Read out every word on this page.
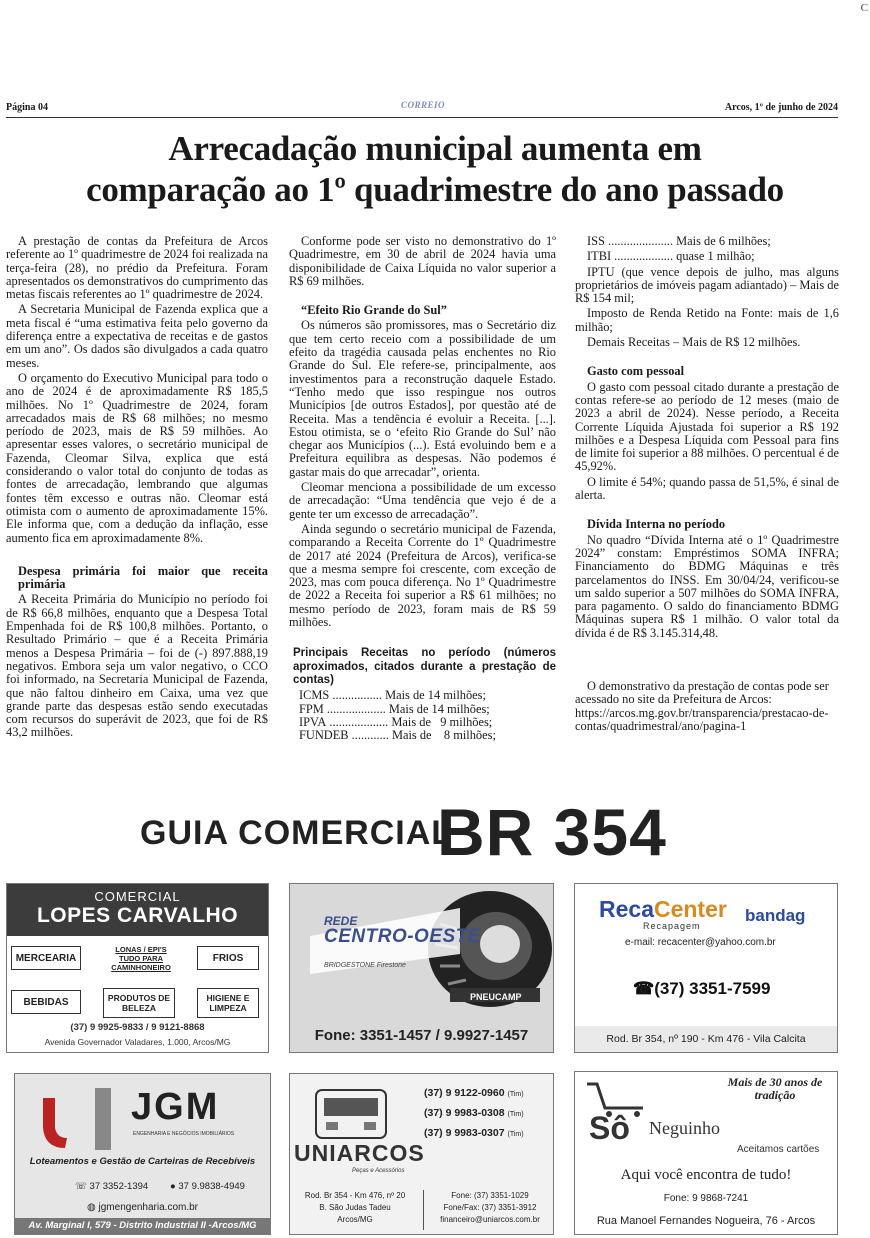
C
Página 04	CORREIO	Arcos, 1º de junho de 2024
Arrecadação municipal aumenta em
comparação ao 1º quadrimestre do ano passado

A prestação de contas da Prefeitura de Arcos referente ao 1º quadrimestre de 2024 foi realizada na terça-feira (28), no prédio da Prefeitura. Foram apresentados os demonstrativos do cumprimento das metas fiscais referentes ao 1º quadrimestre de 2024.

A Secretaria Municipal de Fazenda explica que a meta fiscal é “uma estimativa feita pelo governo da diferença entre a expectativa de receitas e de gastos em um ano”. Os dados são divulgados a cada quatro meses.

O orçamento do Executivo Municipal para todo o ano de 2024 é de aproximadamente R$ 185,5 milhões. No 1º Quadrimestre de 2024, foram arrecadados mais de R$ 68 milhões; no mesmo período de 2023, mais de R$ 59 milhões. Ao apresentar esses valores, o secretário municipal de Fazenda, Cleomar Silva, explica que está considerando o valor total do conjunto de todas as fontes de arrecadação, lembrando que algumas fontes têm excesso e outras não. Cleomar está otimista com o aumento de aproximadamente 15%. Ele informa que, com a dedução da inflação, esse aumento fica em aproximadamente 8%.

Despesa primária foi maior que receita primária

A Receita Primária do Município no período foi de R$ 66,8 milhões, enquanto que a Despesa Total Empenhada foi de R$ 100,8 milhões. Portanto, o Resultado Primário – que é a Receita Primária menos a Despesa Primária – foi de (-) 897.888,19 negativos. Embora seja um valor negativo, o CCO foi informado, na Secretaria Municipal de Fazenda, que não faltou dinheiro em Caixa, uma vez que grande parte das despesas estão sendo executadas com recursos do superávit de 2023, que foi de R$ 43,2 milhões.

Conforme pode ser visto no demonstrativo do 1º Quadrimestre, em 30 de abril de 2024 havia uma disponibilidade de Caixa Líquida no valor superior a R$ 69 milhões.

“Efeito Rio Grande do Sul”

Os números são promissores, mas o Secretário diz que tem certo receio com a possibilidade de um efeito da tragédia causada pelas enchentes no Rio Grande do Sul. Ele refere-se, principalmente, aos investimentos para a reconstrução daquele Estado. “Tenho medo que isso respingue nos outros Municípios [de outros Estados], por questão até de Receita. Mas a tendência é evoluir a Receita. [...]. Estou otimista, se o ‘efeito Rio Grande do Sul’ não chegar aos Municípios (...). Está evoluindo bem e a Prefeitura equilibra as despesas. Não podemos é gastar mais do que arrecadar”, orienta.

Cleomar menciona a possibilidade de um excesso de arrecadação: “Uma tendência que vejo é de a gente ter um excesso de arrecadação”.

Ainda segundo o secretário municipal de Fazenda, comparando a Receita Corrente do 1º Quadrimestre de 2017 até 2024 (Prefeitura de Arcos), verifica-se que a mesma sempre foi crescente, com exceção de 2023, mas com pouca diferença. No 1º Quadrimestre de 2022 a Receita foi superior a R$ 61 milhões; no mesmo período de 2023, foram mais de R$ 59 milhões.

Principais Receitas no período (números aproximados, citados durante a prestação de contas)
ICMS ................ Mais de 14 milhões;
FPM ................... Mais de 14 milhões;
IPVA ................... Mais de   9 milhões;
FUNDEB ............ Mais de    8 milhões;

ISS ..................... Mais de 6 milhões;

ITBI ................... quase 1 milhão;

IPTU (que vence depois de julho, mas alguns proprietários de imóveis pagam adiantado) – Mais de R$ 154 mil;

Imposto de Renda Retido na Fonte: mais de 1,6 milhão;

Demais Receitas – Mais de R$ 12 milhões.

Gasto com pessoal

O gasto com pessoal citado durante a prestação de contas refere-se ao período de 12 meses (maio de 2023 a abril de 2024). Nesse período, a Receita Corrente Líquida Ajustada foi superior a R$ 192 milhões e a Despesa Líquida com Pessoal para fins de limite foi superior a 88 milhões. O percentual é de 45,92%.

O limite é 54%; quando passa de 51,5%, é sinal de alerta.

Dívida Interna no período

No quadro “Dívida Interna até o 1º Quadrimestre 2024” constam: Empréstimos SOMA INFRA; Financiamento do BDMG Máquinas e três parcelamentos do INSS. Em 30/04/24, verificou-se um saldo superior a 507 milhões do SOMA INFRA, para pagamento. O saldo do financiamento BDMG Máquinas supera R$ 1 milhão. O valor total da dívida é de R$ 3.145.314,48.

O demonstrativo da prestação de contas pode ser acessado no site da Prefeitura de Arcos: https://arcos.mg.gov.br/transparencia/prestacao-de-contas/quadrimestral/ano/pagina-1

GUIA COMERCIAL
BR 354
COMERCIAL
LOPES CARVALHO
MERCEARIA
LONAS / EPI'S TUDO PARA CAMINHONEIRO
FRIOS
BEBIDAS	PRODUTOS DE BELEZA
HIGIENE E LIMPEZA
(37) 9 9925-9833 / 9 9121-8868
Avenida Governador Valadares, 1.000, Arcos/MG
REDE
CENTRO-OESTE
BRIDGESTONE Firestone
PNEUCAMP
Fone: 3351-1457 / 9.9927-1457
RecaCenter
Recapagem
bandag
e-mail: recacenter@yahoo.com.br
☎(37) 3351-7599
Rod. Br 354, nº 190 - Km 476 - Vila Calcita
JGM
ENGENHARIA E NEGÓCIOS IMOBILIÁRIOS
Loteamentos e Gestão de Carteiras de Recebíveis
☏ 37 3352-1394 ● 37 9.9838-4949
◍ jgmengenharia.com.br
Av. Marginal I, 579 - Distrito Industrial II -Arcos/MG
(37) 9 9122-0960 (Tim)
(37) 9 9983-0308 (Tim)
(37) 9 9983-0307 (Tim)
UNIARCOS
Peças e Acessórios
Rod. Br 354 - Km 476, nº 20
B. São Judas Tadeu
Arcos/MG
Fone: (37) 3351-1029
Fone/Fax: (37) 3351-3912
financeiro@uniarcos.com.br
Mais de 30 anos de tradição
Sô Neguinho
Aceitamos cartões
Aqui você encontra de tudo!
Fone: 9 9868-7241
Rua Manoel Fernandes Nogueira, 76 - Arcos
